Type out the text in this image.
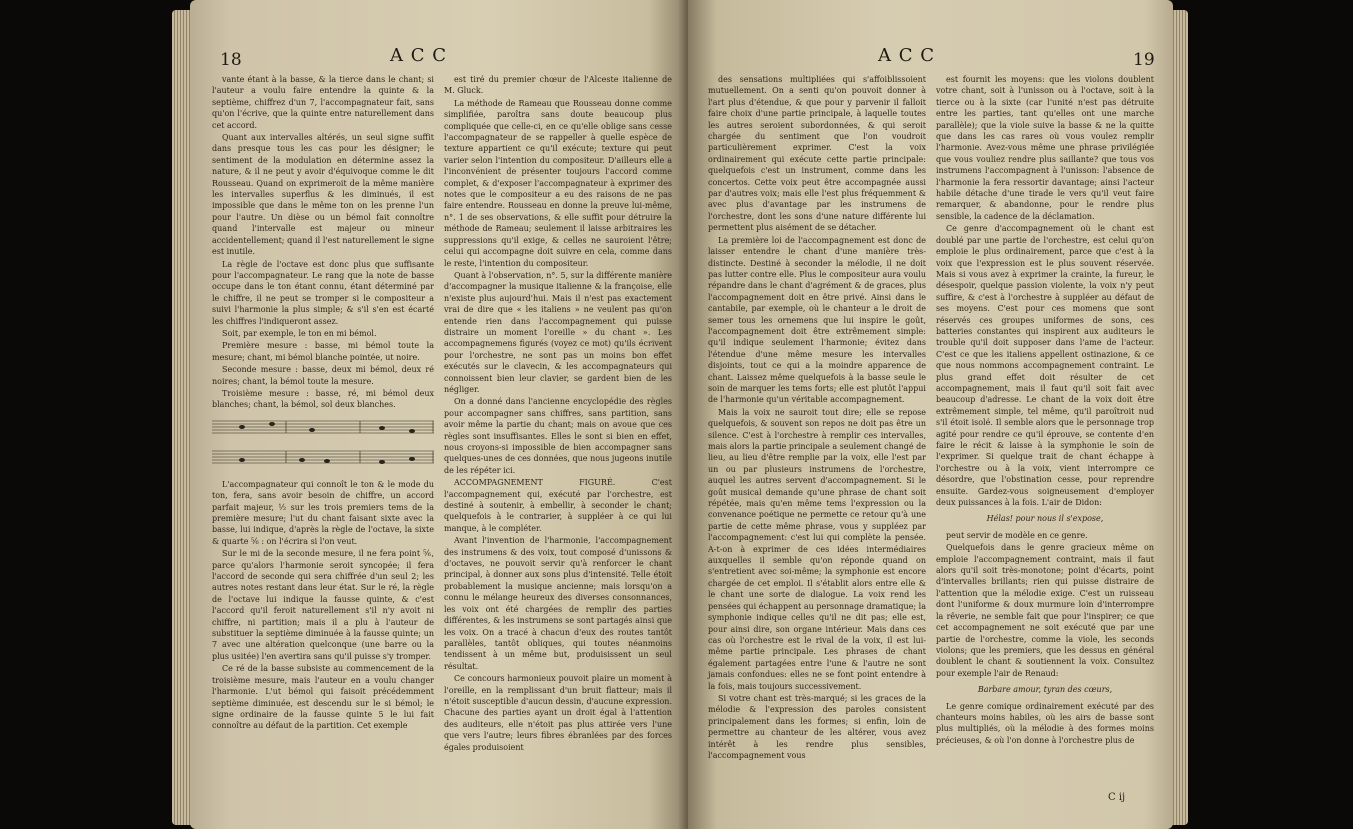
18	A C C

vante étant à la basse, & la tierce dans le chant; si l'auteur a voulu faire entendre la quinte & la septième, chiffrez d'un 7, l'accompagnateur fait, sans qu'on l'écrive, que la quinte entre naturellement dans cet accord.

Quant aux intervalles altérés, un seul signe suffit dans presque tous les cas pour les désigner; le sentiment de la modulation en détermine assez la nature, & il ne peut y avoir d'équivoque comme le dit Rousseau. Quand on exprimeroit de la même manière les intervalles superflus & les diminués, il est impossible que dans le même ton on les prenne l'un pour l'autre. Un dièse ou un bémol fait connoître quand l'intervalle est majeur ou mineur accidentellement; quand il l'est naturellement le signe est inutile.

La règle de l'octave est donc plus que suffisante pour l'accompagnateur. Le rang que la note de basse occupe dans le ton étant connu, étant déterminé par le chiffre, il ne peut se tromper si le compositeur a suivi l'harmonie la plus simple; & s'il s'en est écarté les chiffres l'indiqueront assez.

Soit, par exemple, le ton en mi bémol.

Première mesure : basse, mi bémol toute la mesure; chant, mi bémol blanche pointée, ut noire.

Seconde mesure : basse, deux mi bémol, deux ré noires; chant, la bémol toute la mesure.

Troisième mesure : basse, ré, mi bémol deux blanches; chant, la bémol, sol deux blanches.

L'accompagnateur qui connoît le ton & le mode du ton, fera, sans avoir besoin de chiffre, un accord parfait majeur, ½ sur les trois premiers tems de la première mesure; l'ut du chant faisant sixte avec la basse, lui indique, d'après la règle de l'octave, la sixte & quarte ⅚ : on l'écrira si l'on veut.

Sur le mi de la seconde mesure, il ne fera point ⅚, parce qu'alors l'harmonie seroit syncopée; il fera l'accord de seconde qui sera chiffrée d'un seul 2; les autres notes restant dans leur état. Sur le ré, la règle de l'octave lui indique la fausse quinte, & c'est l'accord qu'il feroit naturellement s'il n'y avoit ni chiffre, ni partition; mais il a plu à l'auteur de substituer la septième diminuée à la fausse quinte; un 7 avec une altération quelconque (une barre ou la plus usitée) l'en avertira sans qu'il puisse s'y tromper.

Ce ré de la basse subsiste au commencement de la troisième mesure, mais l'auteur en a voulu changer l'harmonie. L'ut bémol qui faisoit précédemment septième diminuée, est descendu sur le si bémol; le signe ordinaire de la fausse quinte 5 le lui fait connoître au défaut de la partition. Cet exemple

est tiré du premier chœur de l'Alceste italienne de M. Gluck.

La méthode de Rameau que Rousseau donne comme simplifiée, paroîtra sans doute beaucoup plus compliquée que celle-ci, en ce qu'elle oblige sans cesse l'accompagnateur de se rappeller à quelle espèce de texture appartient ce qu'il exécute; texture qui peut varier selon l'intention du compositeur. D'ailleurs elle a l'inconvénient de présenter toujours l'accord comme complet, & d'exposer l'accompagnateur à exprimer des notes que le compositeur a eu des raisons de ne pas faire entendre. Rousseau en donne la preuve lui-même, n°. 1 de ses observations, & elle suffit pour détruire la méthode de Rameau; seulement il laisse arbitraires les suppressions qu'il exige, & celles ne sauroient l'être; celui qui accompagne doit suivre en cela, comme dans le reste, l'intention du compositeur.

Quant à l'observation, n°. 5, sur la différente manière d'accompagner la musique italienne & la françoise, elle n'existe plus aujourd'hui. Mais il n'est pas exactement vrai de dire que « les italiens » ne veulent pas qu'on entende rien dans l'accompagnement qui puisse distraire un moment l'oreille » du chant ». Les accompagnemens figurés (voyez ce mot) qu'ils écrivent pour l'orchestre, ne sont pas un moins bon effet exécutés sur le clavecin, & les accompagnateurs qui connoissent bien leur clavier, se gardent bien de les négliger.

On a donné dans l'ancienne encyclopédie des règles pour accompagner sans chiffres, sans partition, sans avoir même la partie du chant; mais on avoue que ces règles sont insuffisantes. Elles le sont si bien en effet, nous croyons-si impossible de bien accompagner sans quelques-unes de ces données, que nous jugeons inutile de les répéter ici.

ACCOMPAGNEMENT FIGURÉ. C'est l'accompagnement qui, exécuté par l'orchestre, est destiné à soutenir, à embellir, à seconder le chant; quelquefois à le contrarier, à suppléer à ce qui lui manque, à le compléter.

Avant l'invention de l'harmonie, l'accompagnement des instrumens & des voix, tout composé d'unissons & d'octaves, ne pouvoit servir qu'à renforcer le chant principal, à donner aux sons plus d'intensité. Telle étoit probablement la musique ancienne; mais lorsqu'on a connu le mélange heureux des diverses consonnances, les voix ont été chargées de remplir des parties différentes, & les instrumens se sont partagés ainsi que les voix. On a tracé à chacun d'eux des routes tantôt parallèles, tantôt obliques, qui toutes néanmoins tendissent à un même but, produisissent un seul résultat.

Ce concours harmonieux pouvoit plaire un moment à l'oreille, en la remplissant d'un bruit flatteur; mais il n'étoit susceptible d'aucun dessin, d'aucune expression. Chacune des parties ayant un droit égal à l'attention des auditeurs, elle n'étoit pas plus attirée vers l'une que vers l'autre; leurs fibres ébranlées par des forces égales produisoient

A C C	19

des sensations multipliées qui s'affoiblissoient mutuellement. On a senti qu'on pouvoit donner à l'art plus d'étendue, & que pour y parvenir il falloit faire choix d'une partie principale, à laquelle toutes les autres seroient subordonnées, & qui seroit chargée du sentiment que l'on voudroit particulièrement exprimer. C'est la voix ordinairement qui exécute cette partie principale: quelquefois c'est un instrument, comme dans les concertos. Cette voix peut être accompagnée aussi par d'autres voix; mais elle l'est plus fréquemment & avec plus d'avantage par les instrumens de l'orchestre, dont les sons d'une nature différente lui permettent plus aisément de se détacher.

La première loi de l'accompagnement est donc de laisser entendre le chant d'une manière très-distincte. Destiné à seconder la mélodie, il ne doit pas lutter contre elle. Plus le compositeur aura voulu répandre dans le chant d'agrément & de graces, plus l'accompagnement doit en être privé. Ainsi dans le cantabile, par exemple, où le chanteur a le droit de semer tous les ornemens que lui inspire le goût, l'accompagnement doit être extrêmement simple: qu'il indique seulement l'harmonie; évitez dans l'étendue d'une même mesure les intervalles disjoints, tout ce qui a la moindre apparence de chant. Laissez même quelquefois à la basse seule le soin de marquer les tems forts; elle est plutôt l'appui de l'harmonie qu'un véritable accompagnement.

Mais la voix ne sauroit tout dire; elle se repose quelquefois, & souvent son repos ne doit pas être un silence. C'est à l'orchestre à remplir ces intervalles, mais alors la partie principale a seulement changé de lieu, au lieu d'être remplie par la voix, elle l'est par un ou par plusieurs instrumens de l'orchestre, auquel les autres servent d'accompagnement. Si le goût musical demande qu'une phrase de chant soit répétée, mais qu'en même tems l'expression ou la convenance poétique ne permette ce retour qu'à une partie de cette même phrase, vous y suppléez par l'accompagnement: c'est lui qui complète la pensée. A-t-on à exprimer de ces idées intermédiaires auxquelles il semble qu'on réponde quand on s'entretient avec soi-même; la symphonie est encore chargée de cet emploi. Il s'établit alors entre elle & le chant une sorte de dialogue. La voix rend les pensées qui échappent au personnage dramatique; la symphonie indique celles qu'il ne dit pas; elle est, pour ainsi dire, son organe intérieur. Mais dans ces cas où l'orchestre est le rival de la voix, il est lui-même partie principale. Les phrases de chant également partagées entre l'une & l'autre ne sont jamais confondues: elles ne se font point entendre à la fois, mais toujours successivement.

Si votre chant est très-marqué; si les graces de la mélodie & l'expression des paroles consistent principalement dans les formes; si enfin, loin de permettre au chanteur de les altérer, vous avez intérêt à les rendre plus sensibles, l'accompagnement vous

est fournit les moyens: que les violons doublent votre chant, soit à l'unisson ou à l'octave, soit à la tierce ou à la sixte (car l'unité n'est pas détruite entre les parties, tant qu'elles ont une marche parallèle); que la viole suive la basse & ne la quitte que dans les cas rares où vous voulez remplir l'harmonie. Avez-vous même une phrase privilégiée que vous vouliez rendre plus saillante? que tous vos instrumens l'accompagnent à l'unisson: l'absence de l'harmonie la fera ressortir davantage; ainsi l'acteur habile détache d'une tirade le vers qu'il veut faire remarquer, & abandonne, pour le rendre plus sensible, la cadence de la déclamation.

Ce genre d'accompagnement où le chant est doublé par une partie de l'orchestre, est celui qu'on emploie le plus ordinairement, parce que c'est à la voix que l'expression est le plus souvent réservée. Mais si vous avez à exprimer la crainte, la fureur, le désespoir, quelque passion violente, la voix n'y peut suffire, & c'est à l'orchestre à suppléer au défaut de ses moyens. C'est pour ces momens que sont réservés ces groupes uniformes de sons, ces batteries constantes qui inspirent aux auditeurs le trouble qu'il doit supposer dans l'ame de l'acteur. C'est ce que les italiens appellent ostinazione, & ce que nous nommons accompagnement contraint. Le plus grand effet doit résulter de cet accompagnement, mais il faut qu'il soit fait avec beaucoup d'adresse. Le chant de la voix doit être extrêmement simple, tel même, qu'il paroîtroit nud s'il étoit isolé. Il semble alors que le personnage trop agité pour rendre ce qu'il éprouve, se contente d'en faire le récit & laisse à la symphonie le soin de l'exprimer. Si quelque trait de chant échappe à l'orchestre ou à la voix, vient interrompre ce désordre, que l'obstination cesse, pour reprendre ensuite. Gardez-vous soigneusement d'employer deux puissances à la fois. L'air de Didon:

Hélas! pour nous il s'expose,

peut servir de modèle en ce genre.

Quelquefois dans le genre gracieux même on emploie l'accompagnement contraint, mais il faut alors qu'il soit très-monotone; point d'écarts, point d'intervalles brillants; rien qui puisse distraire de l'attention que la mélodie exige. C'est un ruisseau dont l'uniforme & doux murmure loin d'interrompre la rêverie, ne semble fait que pour l'inspirer; ce que cet accompagnement ne soit exécuté que par une partie de l'orchestre, comme la viole, les seconds violons; que les premiers, que les dessus en général doublent le chant & soutiennent la voix. Consultez pour exemple l'air de Renaud:

Barbare amour, tyran des cœurs,

Le genre comique ordinairement exécuté par des chanteurs moins habiles, où les airs de basse sont plus multipliés, où la mélodie à des formes moins précieuses, & où l'on donne à l'orchestre plus de

C ij
